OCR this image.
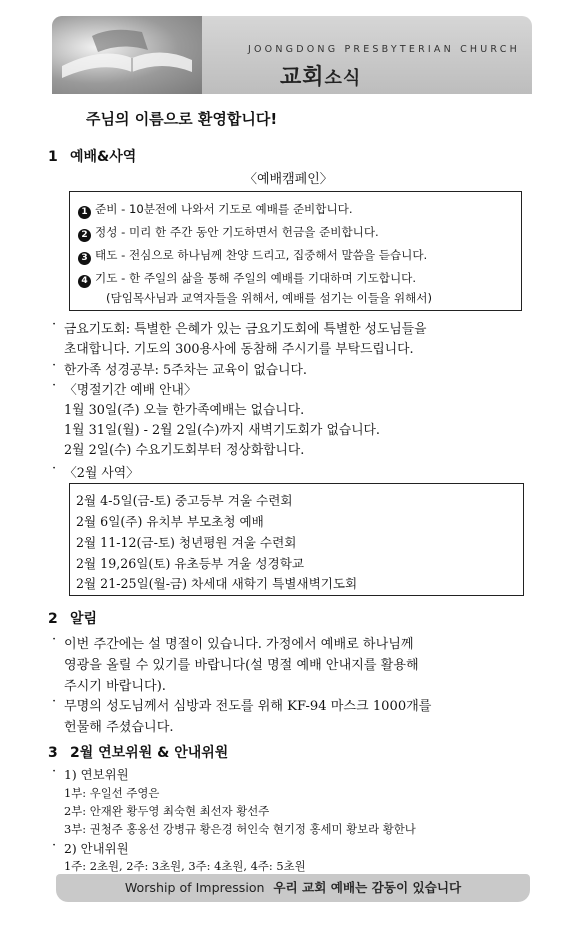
JOONGDONG PRESBYTERIAN CHURCH
교회소식
주님의 이름으로 환영합니다!
1 예배&사역
〈예배캠페인〉
1 준비 - 10분전에 나와서 기도로 예배를 준비합니다.
2 정성 - 미리 한 주간 동안 기도하면서 헌금을 준비합니다.
3 태도 - 전심으로 하나님께 찬양 드리고, 집중해서 말씀을 듣습니다.
4 기도 - 한 주일의 삶을 통해 주일의 예배를 기대하며 기도합니다.
(담임목사님과 교역자들을 위해서, 예배를 섬기는 이들을 위해서)
· 금요기도회: 특별한 은혜가 있는 금요기도회에 특별한 성도님들을
초대합니다. 기도의 300용사에 동참해 주시기를 부탁드립니다.
· 한가족 성경공부: 5주차는 교육이 없습니다.
· 〈명절기간 예배 안내〉
1월 30일(주) 오늘 한가족예배는 없습니다.
1월 31일(월) - 2월 2일(수)까지 새벽기도회가 없습니다.
2월 2일(수) 수요기도회부터 정상화합니다.
· 〈2월 사역〉
2월 4-5일(금-토) 중고등부 겨울 수련회
2월 6일(주) 유치부 부모초청 예배
2월 11-12(금-토) 청년평원 겨울 수련회
2월 19,26일(토) 유초등부 겨울 성경학교
2월 21-25일(월-금) 차세대 새학기 특별새벽기도회
2 알림
· 이번 주간에는 설 명절이 있습니다. 가정에서 예배로 하나님께
영광을 올릴 수 있기를 바랍니다(설 명절 예배 안내지를 활용해
주시기 바랍니다).
· 무명의 성도님께서 심방과 전도를 위해 KF-94 마스크 1000개를
헌물해 주셨습니다.
3 2월 연보위원 & 안내위원
· 1) 연보위원
1부: 우일선 주영은
2부: 안재완 황두영 최숙현 최선자 황선주
3부: 권청주 홍옹선 강병규 황은경 허인숙 현기정 홍세미 황보라 황한나
· 2) 안내위원
1주: 2초원, 2주: 3초원, 3주: 4초원, 4주: 5초원
Worship of Impression 우리 교회 예배는 감동이 있습니다
